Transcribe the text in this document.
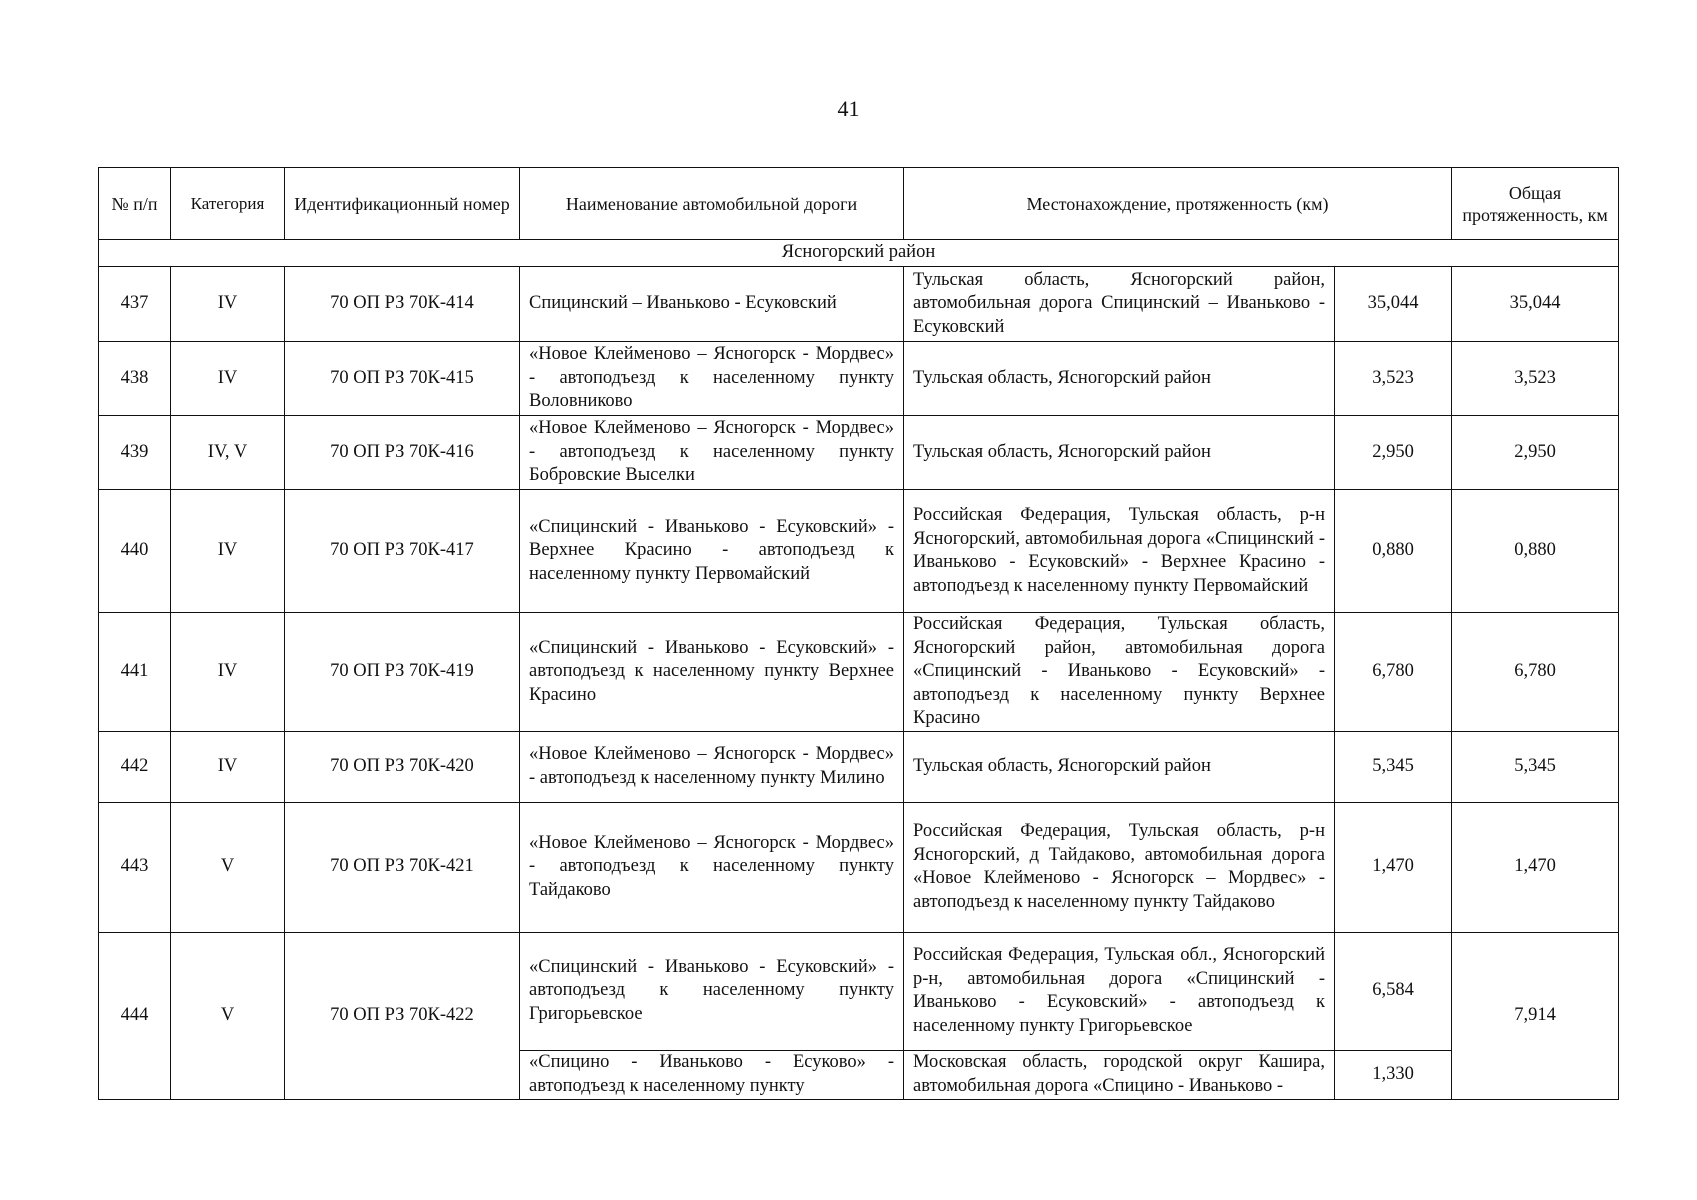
41
№ п/п	Категория	Идентификационный номер	Наименование автомобильной дороги	Местонахождение, протяженность (км)		Общая протяженность, км
Ясногорский район						
437	IV	70 ОП РЗ 70К-414	Спицинский – Иваньково - Есуковский	Тульская область, Ясногорский район, автомобильная дорога Спицинский – Иваньково - Есуковский	35,044	35,044
438	IV	70 ОП РЗ 70К-415	«Новое Клейменово – Ясногорск - Мордвес» - автоподъезд к населенному пункту Воловниково	Тульская область, Ясногорский район	3,523	3,523
439	IV, V	70 ОП РЗ 70К-416	«Новое Клейменово – Ясногорск - Мордвес» - автоподъезд к населенному пункту Бобровские Выселки	Тульская область, Ясногорский район	2,950	2,950
440	IV	70 ОП РЗ 70К-417	«Спицинский - Иваньково - Есуковский» - Верхнее Красино - автоподъезд к населенному пункту Первомайский	Российская Федерация, Тульская область, р-н Ясногорский, автомобильная дорога «Спицинский - Иваньково - Есуковский» - Верхнее Красино - автоподъезд к населенному пункту Первомайский	0,880	0,880
441	IV	70 ОП РЗ 70К-419	«Спицинский - Иваньково - Есуковский» - автоподъезд к населенному пункту Верхнее Красино	Российская Федерация, Тульская область, Ясногорский район, автомобильная дорога «Спицинский - Иваньково - Есуковский» - автоподъезд к населенному пункту Верхнее Красино	6,780	6,780
442	IV	70 ОП РЗ 70К-420	«Новое Клейменово – Ясногорск - Мордвес» - автоподъезд к населенному пункту Милино	Тульская область, Ясногорский район	5,345	5,345
443	V	70 ОП РЗ 70К-421	«Новое Клейменово – Ясногорск - Мордвес» - автоподъезд к населенному пункту Тайдаково	Российская Федерация, Тульская область, р-н Ясногорский, д Тайдаково, автомобильная дорога «Новое Клейменово - Ясногорск – Мордвес» - автоподъезд к населенному пункту Тайдаково	1,470	1,470
444	V	70 ОП РЗ 70К-422	«Спицинский - Иваньково - Есуковский» - автоподъезд к населенному пункту Григорьевское	Российская Федерация, Тульская обл., Ясногорский р-н, автомобильная дорога «Спицинский - Иваньково - Есуковский» - автоподъезд к населенному пункту Григорьевское	6,584	7,914
			«Спицино - Иваньково - Есуково» - автоподъезд к населенному пункту	Московская область, городской округ Кашира, автомобильная дорога «Спицино - Иваньково -	1,330	
